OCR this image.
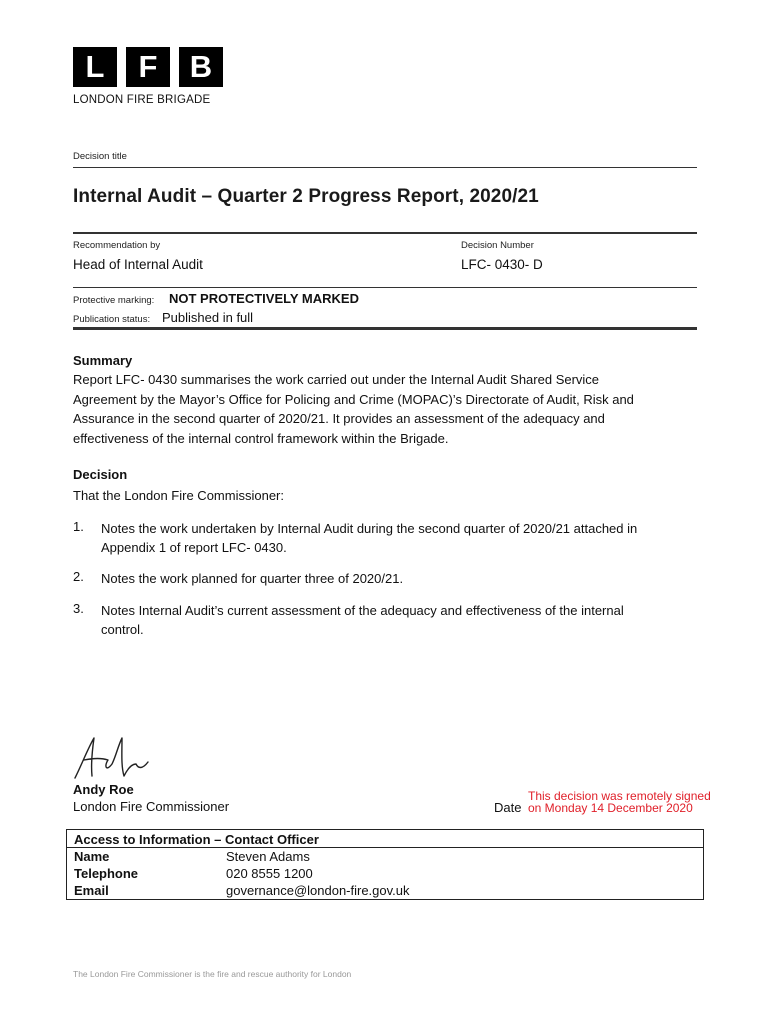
L	F	B
LONDON FIRE BRIGADE
Decision title
Internal Audit – Quarter 2 Progress Report, 2020/21
Recommendation by
Head of Internal Audit
Decision Number
LFC- 0430- D
Protective marking: NOT PROTECTIVELY MARKED
Publication status: Published in full
Summary
Report LFC- 0430 summarises the work carried out under the Internal Audit Shared Service
Agreement by the Mayor’s Office for Policing and Crime (MOPAC)’s Directorate of Audit, Risk and
Assurance in the second quarter of 2020/21. It provides an assessment of the adequacy and
effectiveness of the internal control framework within the Brigade.
Decision
That the London Fire Commissioner:
1. Notes the work undertaken by Internal Audit during the second quarter of 2020/21 attached in
Appendix 1 of report LFC- 0430.
2. Notes the work planned for quarter three of 2020/21.
3. Notes Internal Audit’s current assessment of the adequacy and effectiveness of the internal
control.
Andy Roe
London Fire Commissioner	Date
This decision was remotely signed
on Monday 14 December 2020
Access to Information – Contact Officer
Name	Steven Adams
Telephone	020 8555 1200
Email	governance@london-fire.gov.uk
The London Fire Commissioner is the fire and rescue authority for London
